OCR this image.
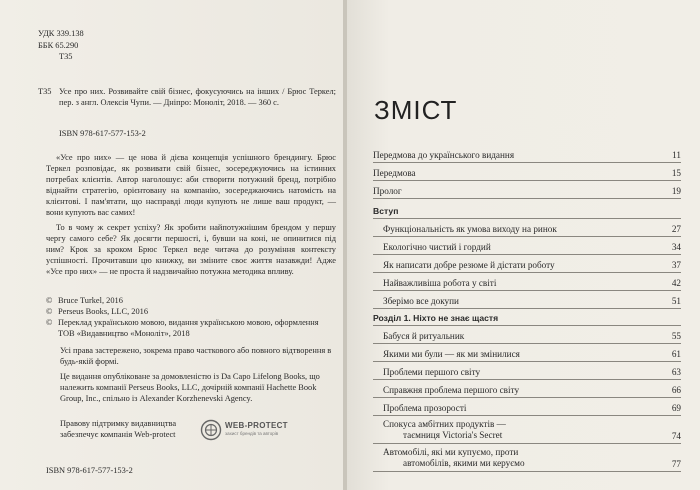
УДК 339.138
ББК 65.290
Т35
Т35 Усе про них. Розвивайте свій бізнес, фокусуючись на інших / Брюс Теркел; пер. з англ. Олексія Чупи. — Дніпро: Моноліт, 2018. — 360 с.
ISBN 978-617-577-153-2

«Усе про них» — це нова й дієва концепція успішного брендингу. Брюс Теркел розповідає, як розвивати свій бізнес, зосереджуючись на істинних потребах клієнтів. Автор наголошує: аби створити потужний бренд, потрібно віднайти стратегію, орієнтовану на компанію, зосереджаючись натомість на клієнтові. І пам'ятати, що насправді люди купують не лише ваш продукт, — вони купують вас самих!

То в чому ж секрет успіху? Як зробити найпотужнішим брендом у першу чергу самого себе? Як досягти першості, і, бувши на коні, не опинитися під ним? Крок за кроком Брюс Теркел веде читача до розуміння контексту успішності. Прочитавши цю книжку, ви зміните своє життя назавжди! Адже «Усе про них» — не проста й надзвичайно потужна методика впливу.

© Bruce Turkel, 2016
© Perseus Books, LLC, 2016
© Переклад українською мовою, видання українською мовою, оформлення ТОВ «Видавництво «Моноліт», 2018

Усі права застережено, зокрема право часткового або повного відтворення в будь-якій формі.

Це видання опубліковане за домовленістю із Da Capo Lifelong Books, що належить компанії Perseus Books, LLC, дочірній компанії Hachette Book Group, Inc., спільно із Alexander Korzhenevski Agency.

Правову підтримку видавництва забезпечує компанія Web-protect
WEB-PROTECT
захист брендів та авторів
ISBN 978-617-577-153-2
ЗМІСТ
Передмова до українського видання	11
Передмова	15
Пролог	19
Вступ
Функціональність як умова виходу на ринок	27
Екологічно чистий і гордий	34
Як написати добре резюме й дістати роботу	37
Найважливіша робота у світі	42
Зберімо все докупи	51
Розділ 1. Ніхто не знає щастя
Бабуся й ритуальник	55
Якими ми були — як ми змінилися	61
Проблеми першого світу	63
Справжня проблема першого світу	66
Проблема прозорості	69
Спокуса амбітних продуктів —
таємниця Victoria's Secret	74
Автомобілі, які ми купуємо, проти
автомобілів, якими ми керуємо	77
